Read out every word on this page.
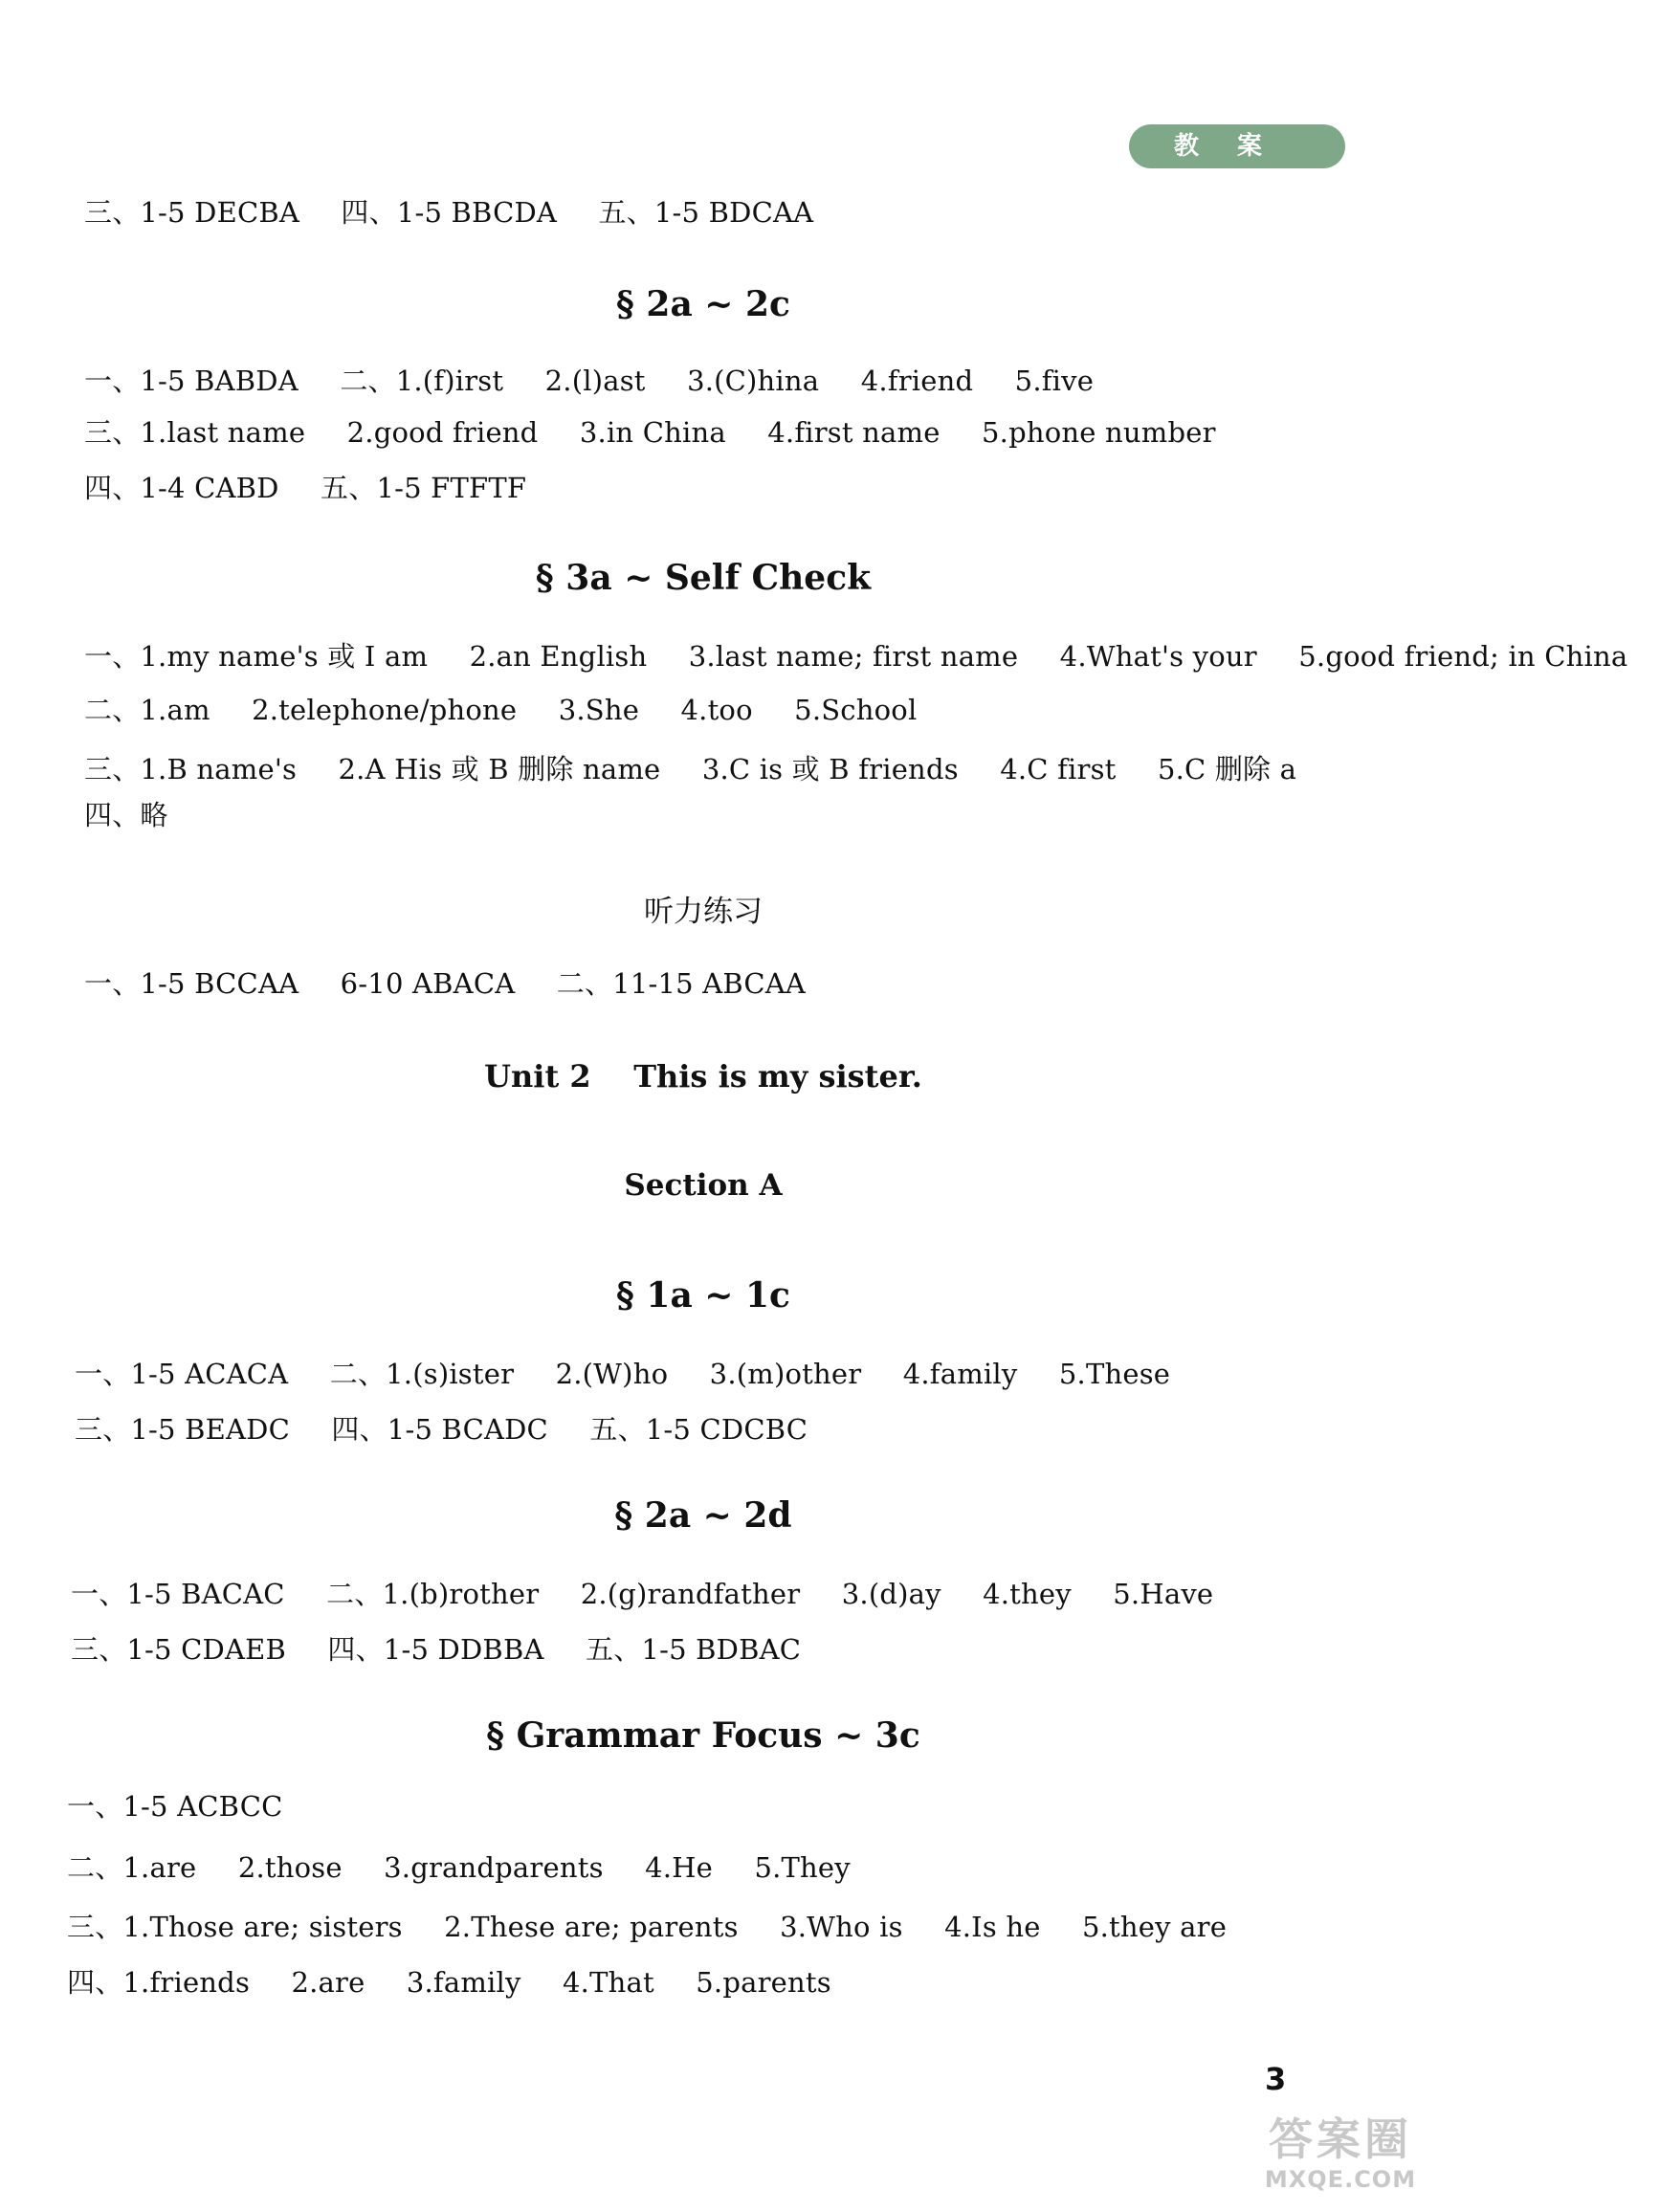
教案
三、1-5 DECBA 四、1-5 BBCDA 五、1-5 BDCAA
§ 2a ~ 2c
一、1-5 BABDA 二、1.(f)irst 2.(l)ast 3.(C)hina 4.friend 5.five
三、1.last name 2.good friend 3.in China 4.first name 5.phone number
四、1-4 CABD 五、1-5 FTFTF
§ 3a ~ Self Check
一、1.my name's 或 I am 2.an English 3.last name; first name 4.What's your 5.good friend; in China
二、1.am 2.telephone/phone 3.She 4.too 5.School
三、1.B name's 2.A His 或 B 删除 name 3.C is 或 B friends 4.C first 5.C 删除 a
四、略
听力练习
一、1-5 BCCAA 6-10 ABACA 二、11-15 ABCAA
Unit 2    This is my sister.
Section A
§ 1a ~ 1c
一、1-5 ACACA 二、1.(s)ister 2.(W)ho 3.(m)other 4.family 5.These
三、1-5 BEADC 四、1-5 BCADC 五、1-5 CDCBC
§ 2a ~ 2d
一、1-5 BACAC 二、1.(b)rother 2.(g)randfather 3.(d)ay 4.they 5.Have
三、1-5 CDAEB 四、1-5 DDBBA 五、1-5 BDBAC
§ Grammar Focus ~ 3c
一、1-5 ACBCC
二、1.are 2.those 3.grandparents 4.He 5.They
三、1.Those are; sisters 2.These are; parents 3.Who is 4.Is he 5.they are
四、1.friends 2.are 3.family 4.That 5.parents
3
答案圈
MXQE.COM
